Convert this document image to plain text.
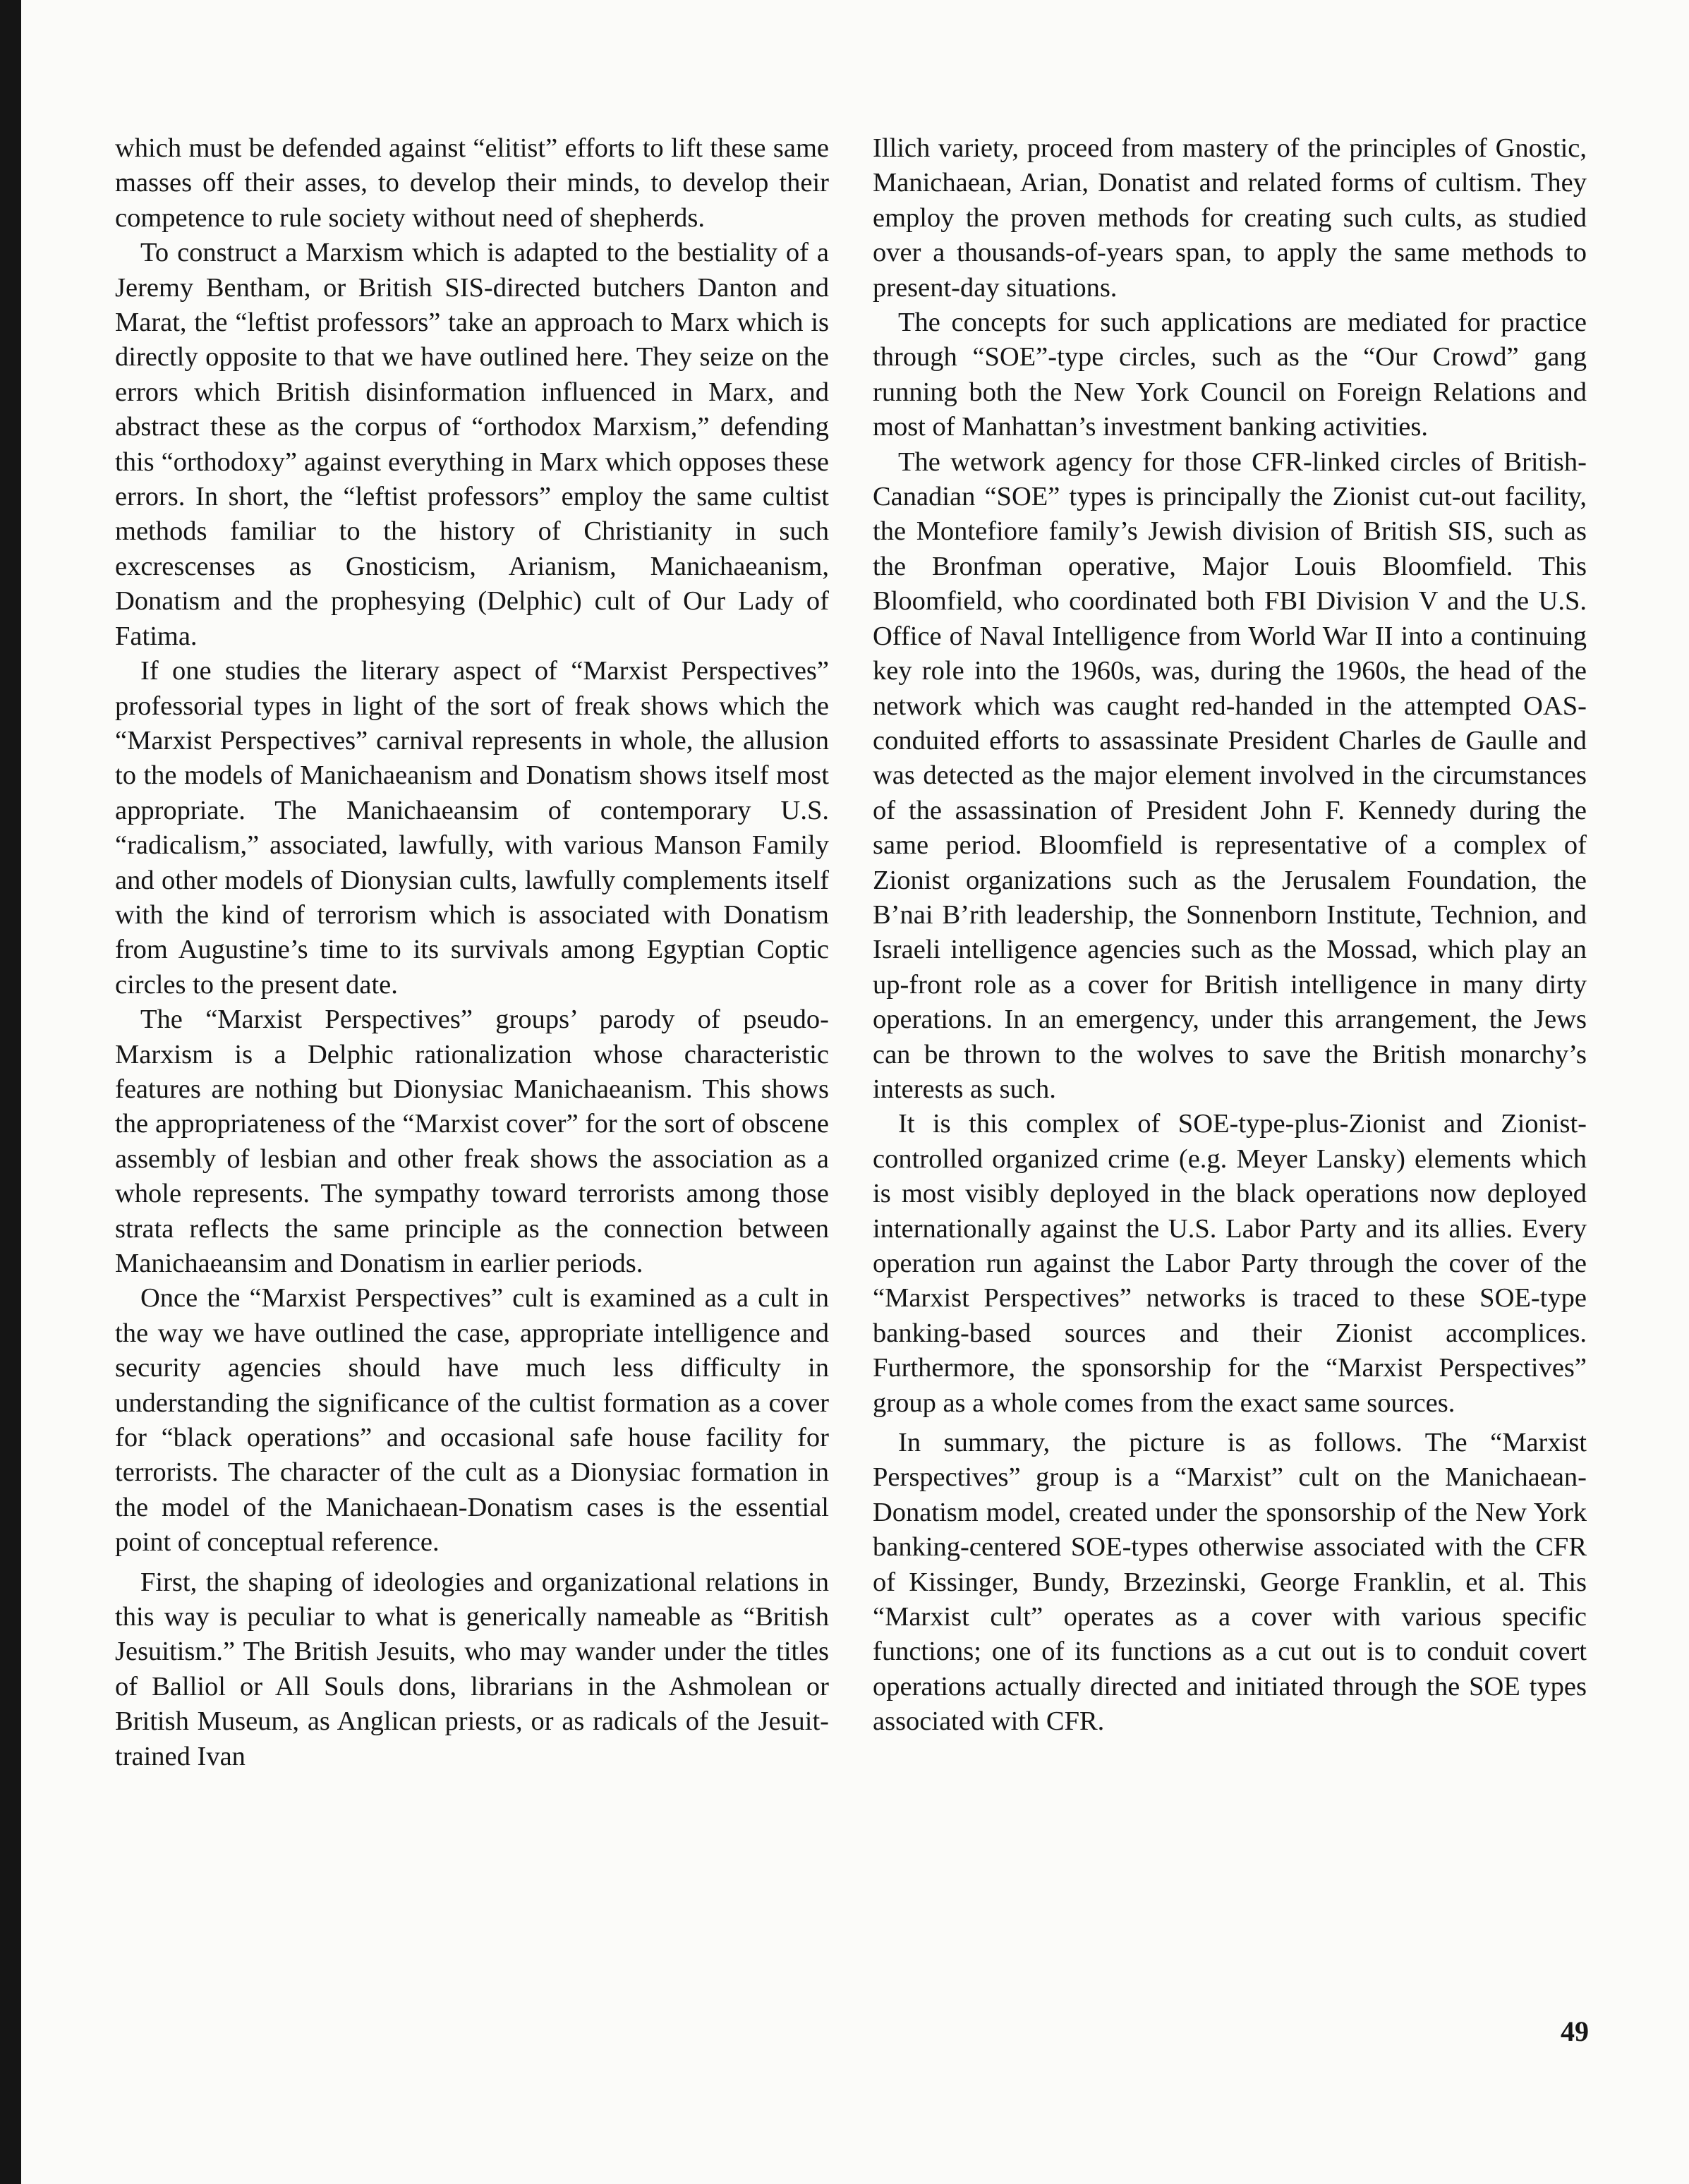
which must be defended against “elitist” efforts to lift these same masses off their asses, to develop their minds, to develop their competence to rule society without need of shepherds.

To construct a Marxism which is adapted to the bestiality of a Jeremy Bentham, or British SIS-directed butchers Danton and Marat, the “leftist professors” take an approach to Marx which is directly opposite to that we have outlined here. They seize on the errors which British disinformation influenced in Marx, and abstract these as the corpus of “orthodox Marxism,” defending this “orthodoxy” against everything in Marx which opposes these errors. In short, the “leftist professors” employ the same cultist methods familiar to the history of Christianity in such excrescenses as Gnosticism, Arianism, Manichaeanism, Donatism and the prophesying (Delphic) cult of Our Lady of Fatima.

If one studies the literary aspect of “Marxist Perspectives” professorial types in light of the sort of freak shows which the “Marxist Perspectives” carnival represents in whole, the allusion to the models of Manichaeanism and Donatism shows itself most appropriate. The Manichaeansim of contemporary U.S. “radicalism,” associated, lawfully, with various Manson Family and other models of Dionysian cults, lawfully complements itself with the kind of terrorism which is associated with Donatism from Augustine’s time to its survivals among Egyptian Coptic circles to the present date.

The “Marxist Perspectives” groups’ parody of pseudo-Marxism is a Delphic rationalization whose characteristic features are nothing but Dionysiac Manichaeanism. This shows the appropriateness of the “Marxist cover” for the sort of obscene assembly of lesbian and other freak shows the association as a whole represents. The sympathy toward terrorists among those strata reflects the same principle as the connection between Manichaeansim and Donatism in earlier periods.

Once the “Marxist Perspectives” cult is examined as a cult in the way we have outlined the case, appropriate intelligence and security agencies should have much less difficulty in understanding the significance of the cultist formation as a cover for “black operations” and occasional safe house facility for terrorists. The character of the cult as a Dionysiac formation in the model of the Manichaean-Donatism cases is the essential point of conceptual reference.

First, the shaping of ideologies and organizational relations in this way is peculiar to what is generically nameable as “British Jesuitism.” The British Jesuits, who may wander under the titles of Balliol or All Souls dons, librarians in the Ashmolean or British Museum, as Anglican priests, or as radicals of the Jesuit-trained Ivan

Illich variety, proceed from mastery of the principles of Gnostic, Manichaean, Arian, Donatist and related forms of cultism. They employ the proven methods for creating such cults, as studied over a thousands-of-years span, to apply the same methods to present-day situations.

The concepts for such applications are mediated for practice through “SOE”-type circles, such as the “Our Crowd” gang running both the New York Council on Foreign Relations and most of Manhattan’s investment banking activities.

The wetwork agency for those CFR-linked circles of British-Canadian “SOE” types is principally the Zionist cut-out facility, the Montefiore family’s Jewish division of British SIS, such as the Bronfman operative, Major Louis Bloomfield. This Bloomfield, who coordinated both FBI Division V and the U.S. Office of Naval Intelligence from World War II into a continuing key role into the 1960s, was, during the 1960s, the head of the network which was caught red-handed in the attempted OAS-conduited efforts to assassinate President Charles de Gaulle and was detected as the major element involved in the circumstances of the assassination of President John F. Kennedy during the same period. Bloomfield is representative of a complex of Zionist organizations such as the Jerusalem Foundation, the B’nai B’rith leadership, the Sonnenborn Institute, Technion, and Israeli intelligence agencies such as the Mossad, which play an up-front role as a cover for British intelligence in many dirty operations. In an emergency, under this arrangement, the Jews can be thrown to the wolves to save the British monarchy’s interests as such.

It is this complex of SOE-type-plus-Zionist and Zionist-controlled organized crime (e.g. Meyer Lansky) elements which is most visibly deployed in the black operations now deployed internationally against the U.S. Labor Party and its allies. Every operation run against the Labor Party through the cover of the “Marxist Perspectives” networks is traced to these SOE-type banking-based sources and their Zionist accomplices. Furthermore, the sponsorship for the “Marxist Perspectives” group as a whole comes from the exact same sources.

In summary, the picture is as follows. The “Marxist Perspectives” group is a “Marxist” cult on the Manichaean-Donatism model, created under the sponsorship of the New York banking-centered SOE-types otherwise associated with the CFR of Kissinger, Bundy, Brzezinski, George Franklin, et al. This “Marxist cult” operates as a cover with various specific functions; one of its functions as a cut out is to conduit covert operations actually directed and initiated through the SOE types associated with CFR.

49
